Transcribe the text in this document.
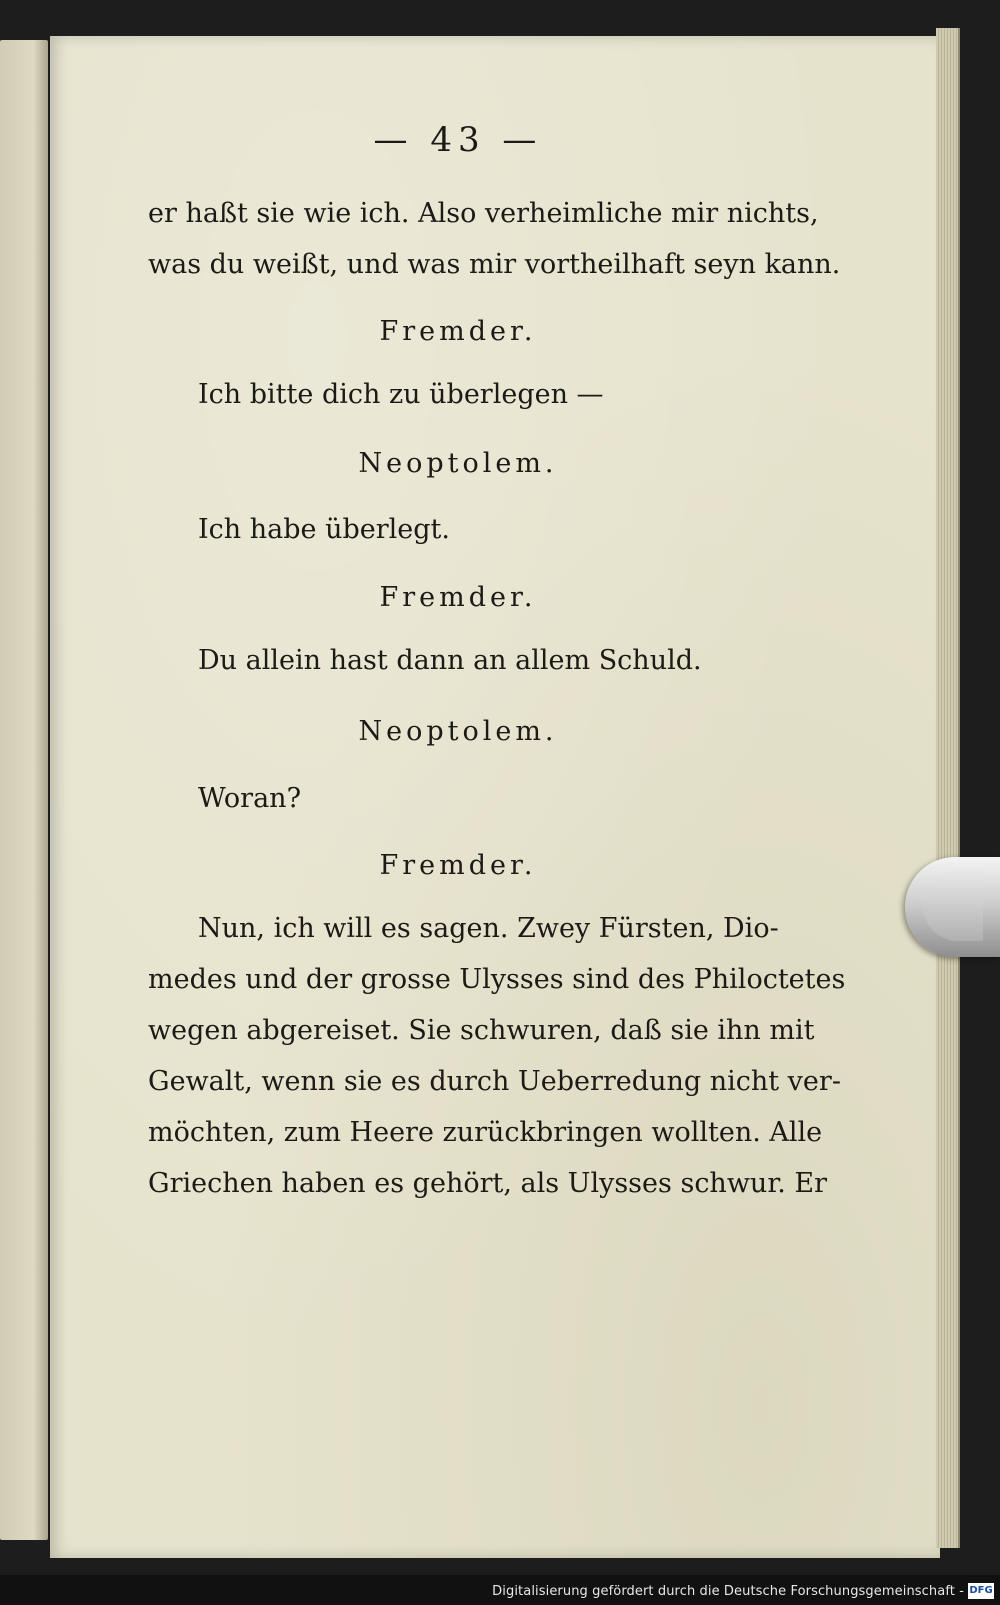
— 43 —
er haßt sie wie ich. Also verheimliche mir nichts,
was du weißt, und was mir vortheilhaft seyn kann.
Fremder.
Ich bitte dich zu überlegen —
Neoptolem.
Ich habe überlegt.
Fremder.
Du allein hast dann an allem Schuld.
Neoptolem.
Woran?
Fremder.
Nun, ich will es sagen. Zwey Fürsten, Dio-
medes und der grosse Ulysses sind des Philoctetes
wegen abgereiset. Sie schwuren, daß sie ihn mit
Gewalt, wenn sie es durch Ueberredung nicht ver-
möchten, zum Heere zurückbringen wollten. Alle
Griechen haben es gehört, als Ulysses schwur. Er
Digitalisierung gefördert durch die Deutsche Forschungsgemeinschaft - DFG
